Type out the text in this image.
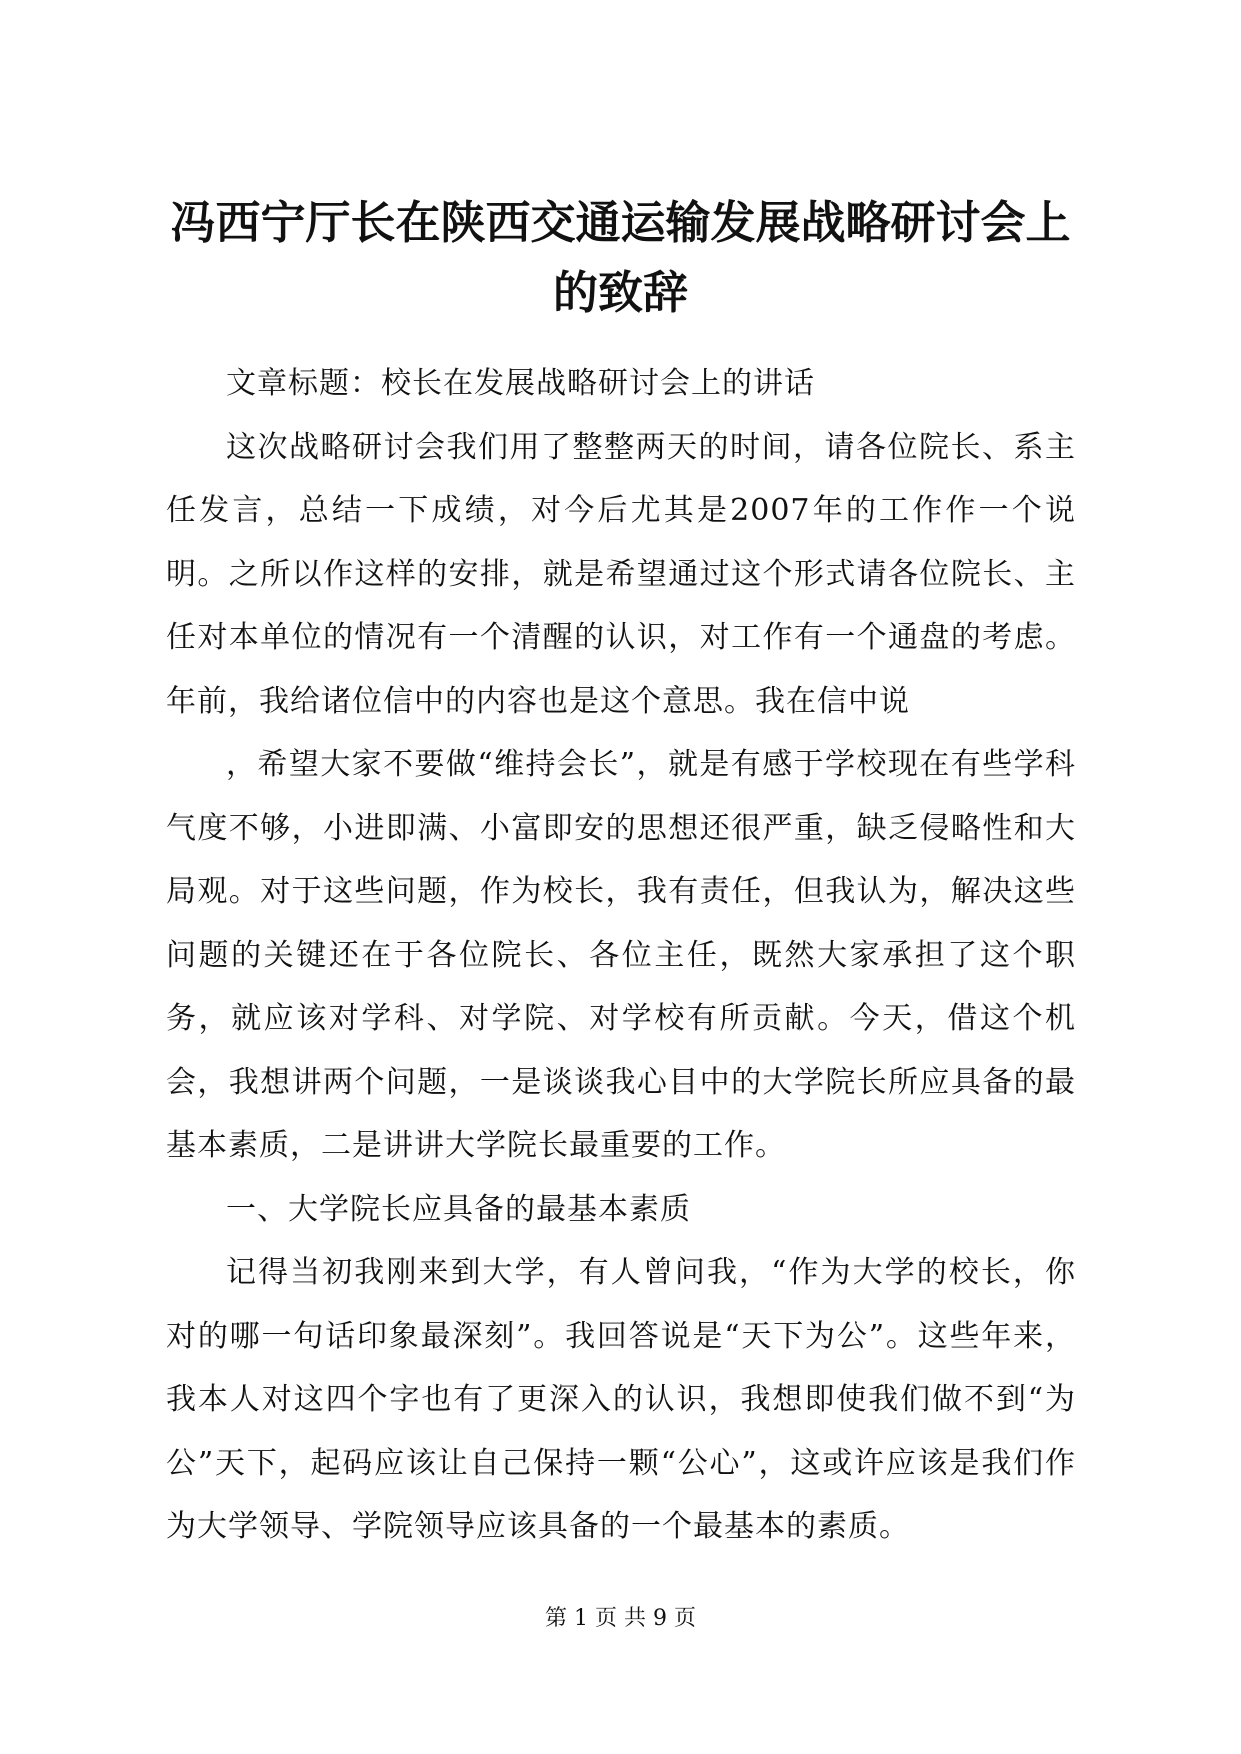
冯西宁厅长在陕西交通运输发展战略研讨会上的致辞

文章标题：校长在发展战略研讨会上的讲话

这次战略研讨会我们用了整整两天的时间，请各位院长、系主任发言，总结一下成绩，对今后尤其是2007年的工作作一个说明。之所以作这样的安排，就是希望通过这个形式请各位院长、主任对本单位的情况有一个清醒的认识，对工作有一个通盘的考虑。年前，我给诸位信中的内容也是这个意思。我在信中说

，希望大家不要做“维持会长”，就是有感于学校现在有些学科气度不够，小进即满、小富即安的思想还很严重，缺乏侵略性和大局观。对于这些问题，作为校长，我有责任，但我认为，解决这些问题的关键还在于各位院长、各位主任，既然大家承担了这个职务，就应该对学科、对学院、对学校有所贡献。今天，借这个机会，我想讲两个问题，一是谈谈我心目中的大学院长所应具备的最基本素质，二是讲讲大学院长最重要的工作。

一、大学院长应具备的最基本素质

记得当初我刚来到大学，有人曾问我，“作为大学的校长，你对的哪一句话印象最深刻”。我回答说是“天下为公”。这些年来，我本人对这四个字也有了更深入的认识，我想即使我们做不到“为公”天下，起码应该让自己保持一颗“公心”，这或许应该是我们作为大学领导、学院领导应该具备的一个最基本的素质。

第 1 页 共 9 页
